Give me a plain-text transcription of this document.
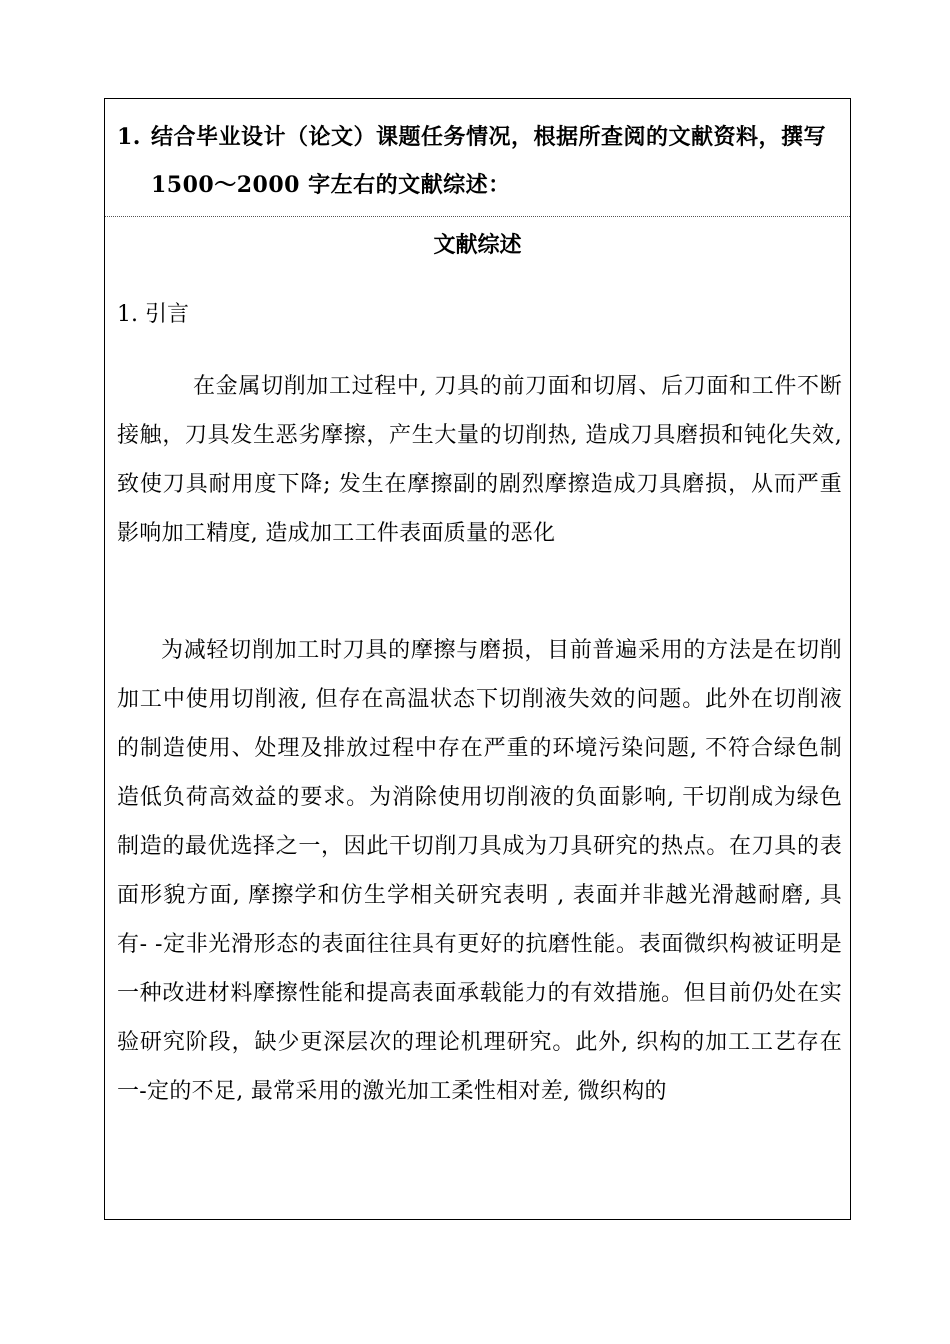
1. 结合毕业设计（论文）课题任务情况，根据所查阅的文献资料，撰写 1500～2000 字左右的文献综述：

文献综述

1. 引言

在金属切削加工过程中, 刀具的前刀面和切屑、后刀面和工件不断接触，刀具发生恶劣摩擦，产生大量的切削热, 造成刀具磨损和钝化失效, 致使刀具耐用度下降; 发生在摩擦副的剧烈摩擦造成刀具磨损，从而严重影响加工精度, 造成加工工件表面质量的恶化

为减轻切削加工时刀具的摩擦与磨损，目前普遍采用的方法是在切削加工中使用切削液, 但存在高温状态下切削液失效的问题。此外在切削液的制造使用、处理及排放过程中存在严重的环境污染问题, 不符合绿色制造低负荷高效益的要求。为消除使用切削液的负面影响, 干切削成为绿色制造的最优选择之一，因此干切削刀具成为刀具研究的热点。在刀具的表面形貌方面, 摩擦学和仿生学相关研究表明 , 表面并非越光滑越耐磨, 具有- -定非光滑形态的表面往往具有更好的抗磨性能。表面微织构被证明是一种改进材料摩擦性能和提高表面承载能力的有效措施。但目前仍处在实验研究阶段，缺少更深层次的理论机理研究。此外, 织构的加工工艺存在一-定的不足, 最常采用的激光加工柔性相对差, 微织构的
